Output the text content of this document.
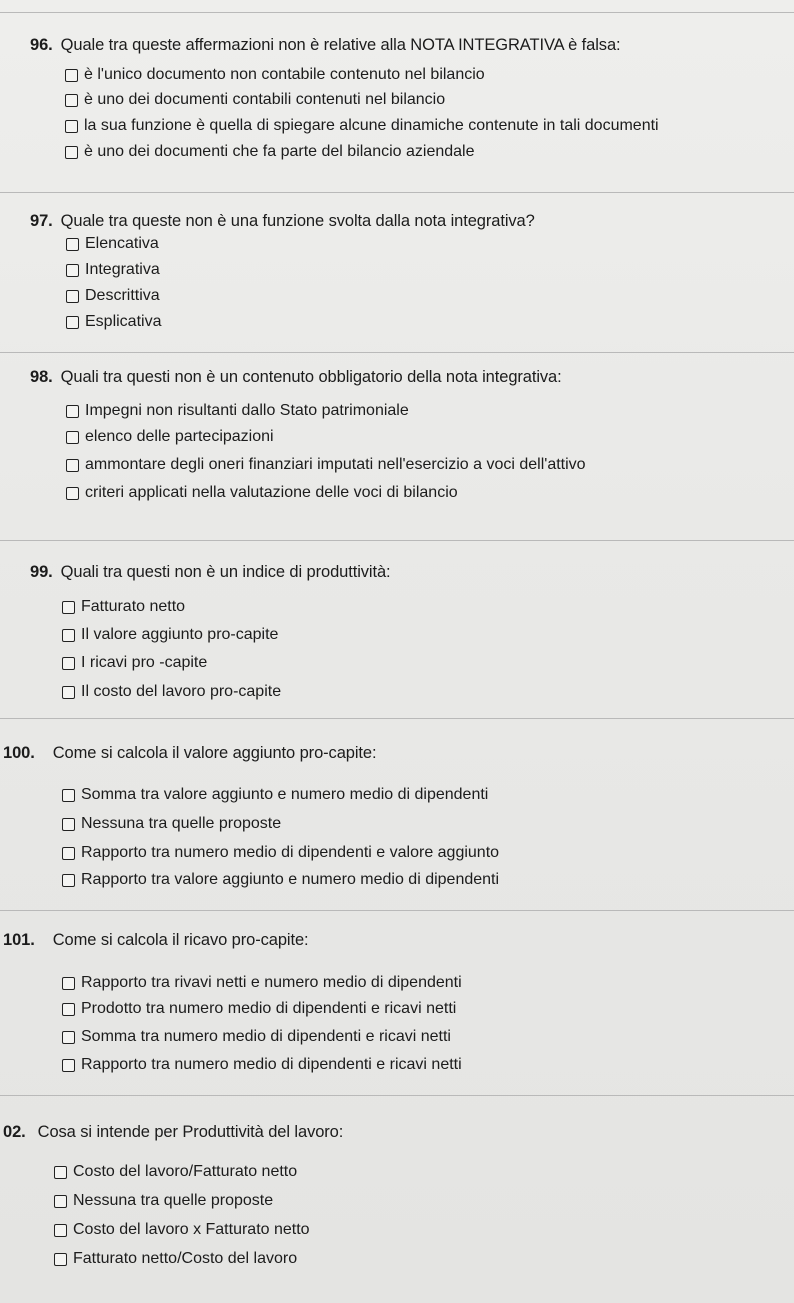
96. Quale tra queste affermazioni non è relative alla NOTA INTEGRATIVA è falsa:
è l'unico documento non contabile contenuto nel bilancio
è uno dei documenti contabili contenuti nel bilancio
la sua funzione è quella di spiegare alcune dinamiche contenute in tali documenti
è uno dei documenti che fa parte del bilancio aziendale
97. Quale tra queste non è una funzione svolta dalla nota integrativa?
Elencativa
Integrativa
Descrittiva
Esplicativa
98. Quali tra questi non è un contenuto obbligatorio della nota integrativa:
Impegni non risultanti dallo Stato patrimoniale
elenco delle partecipazioni
ammontare degli oneri finanziari imputati nell'esercizio a voci dell'attivo
criteri applicati nella valutazione delle voci di bilancio
99. Quali tra questi non è un indice di produttività:
Fatturato netto
Il valore aggiunto pro-capite
I ricavi pro -capite
Il costo del lavoro pro-capite
100. Come si calcola il valore aggiunto pro-capite:
Somma tra valore aggiunto e numero medio di dipendenti
Nessuna tra quelle proposte
Rapporto tra numero medio di dipendenti e valore aggiunto
Rapporto tra valore aggiunto e numero medio di dipendenti
101. Come si calcola il ricavo pro-capite:
Rapporto tra rivavi netti e numero medio di dipendenti
Prodotto tra numero medio di dipendenti e ricavi netti
Somma tra numero medio di dipendenti e ricavi netti
Rapporto tra numero medio di dipendenti e ricavi netti
02. Cosa si intende per Produttività del lavoro:
Costo del lavoro/Fatturato netto
Nessuna tra quelle proposte
Costo del lavoro x Fatturato netto
Fatturato netto/Costo del lavoro
